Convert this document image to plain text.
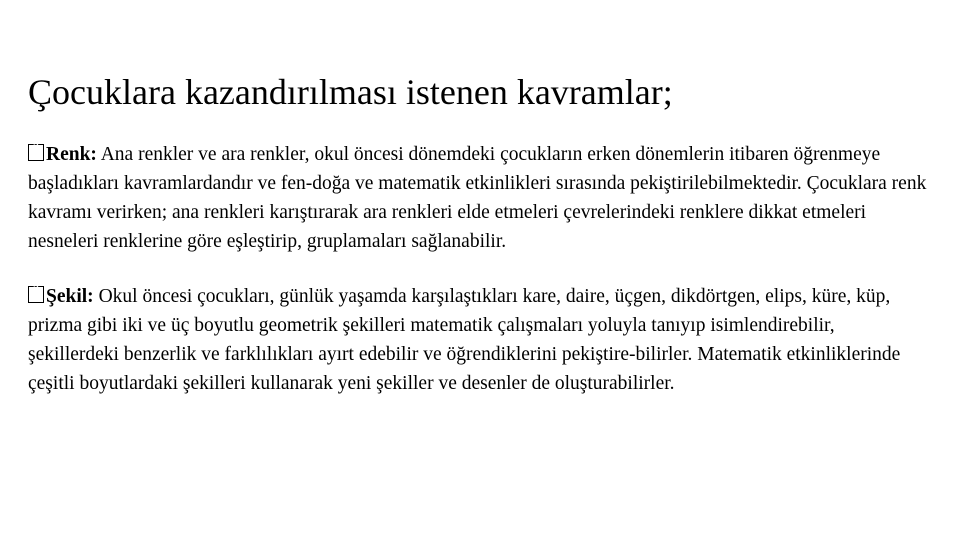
Çocuklara kazandırılması istenen kavramlar;

?Renk: Ana renkler ve ara renkler, okul öncesi dönemdeki çocukların erken dönemlerin itibaren öğrenmeye başladıkları kavramlardandır ve fen-doğa ve matematik etkinlikleri sırasında pekiştirilebilmektedir. Çocuklara renk kavramı verirken; ana renkleri karıştırarak ara renkleri elde etmeleri çevrelerindeki renklere dikkat etmeleri nesneleri renklerine göre eşleştirip, gruplamaları sağlanabilir.

?Şekil: Okul öncesi çocukları, günlük yaşamda karşılaştıkları kare, daire, üçgen, dikdörtgen, elips, küre, küp, prizma gibi iki ve üç boyutlu geometrik şekilleri matematik çalışmaları yoluyla tanıyıp isimlendirebilir, şekillerdeki benzerlik ve farklılıkları ayırt edebilir ve öğrendiklerini pekiştire-bilirler. Matematik etkinliklerinde çeşitli boyutlardaki şekilleri kullanarak yeni şekiller ve desenler de oluşturabilirler.
